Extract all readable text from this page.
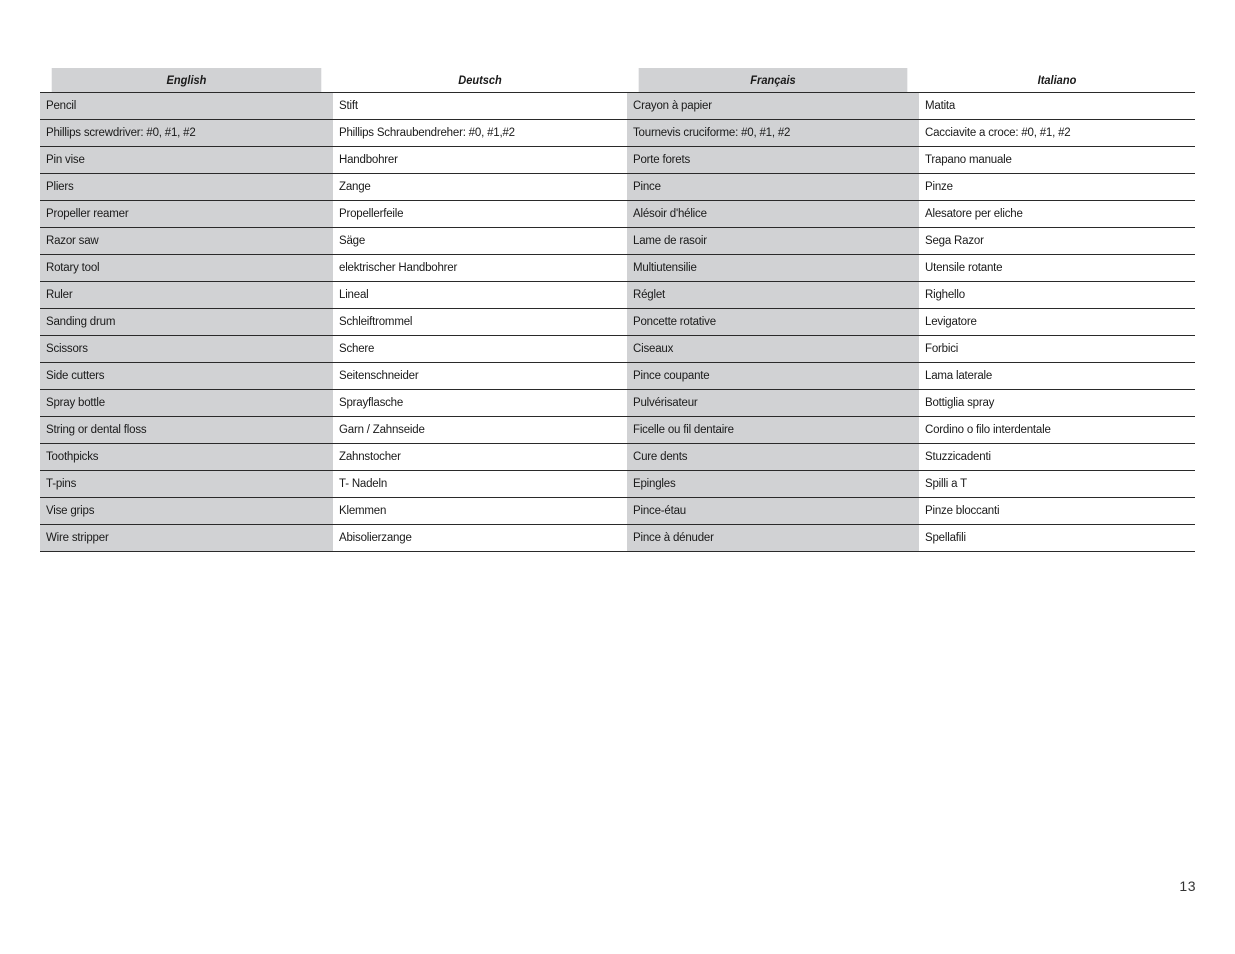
English	Deutsch	Français	Italiano
Pencil	Stift	Crayon à papier	Matita
Phillips screwdriver: #0, #1, #2	Phillips Schraubendreher: #0, #1,#2	Tournevis cruciforme: #0, #1, #2	Cacciavite a croce: #0, #1, #2
Pin vise	Handbohrer	Porte forets	Trapano manuale
Pliers	Zange	Pince	Pinze
Propeller reamer	Propellerfeile	Alésoir d'hélice	Alesatore per eliche
Razor saw	Säge	Lame de rasoir	Sega Razor
Rotary tool	elektrischer Handbohrer	Multiutensilie	Utensile rotante
Ruler	Lineal	Réglet	Righello
Sanding drum	Schleiftrommel	Poncette rotative	Levigatore
Scissors	Schere	Ciseaux	Forbici
Side cutters	Seitenschneider	Pince coupante	Lama laterale
Spray bottle	Sprayflasche	Pulvérisateur	Bottiglia spray
String or dental floss	Garn / Zahnseide	Ficelle ou fil dentaire	Cordino o filo interdentale
Toothpicks	Zahnstocher	Cure dents	Stuzzicadenti
T-pins	T- Nadeln	Epingles	Spilli a T
Vise grips	Klemmen	Pince-étau	Pinze bloccanti
Wire stripper	Abisolierzange	Pince à dénuder	Spellafili
13
